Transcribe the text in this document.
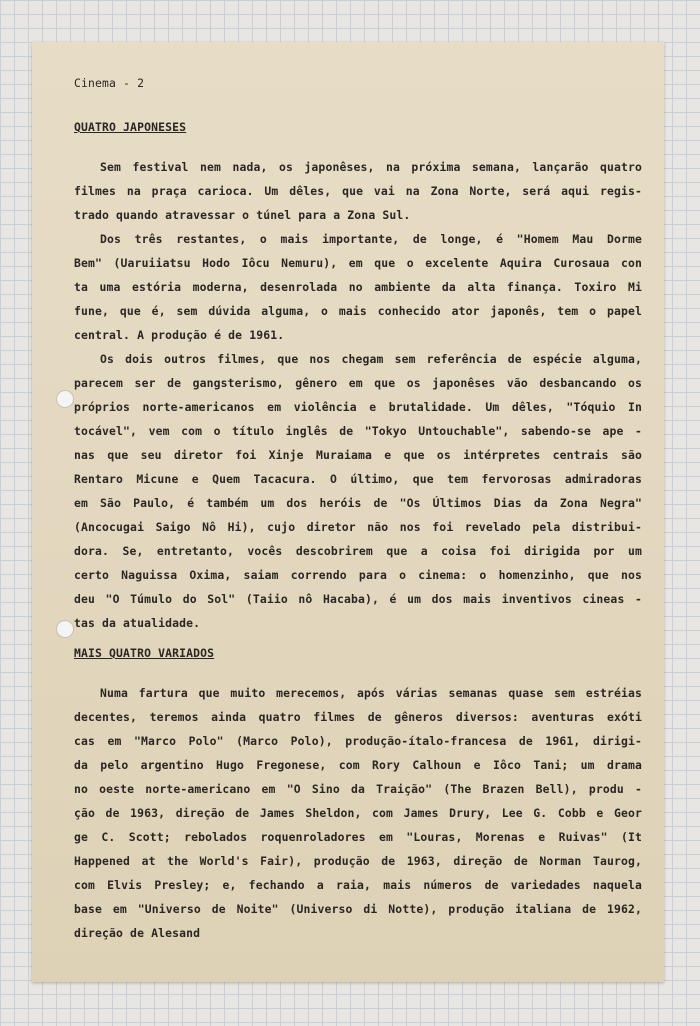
Cinema - 2

QUATRO JAPONESES

Sem festival nem nada, os japonêses, na próxima semana, lançarão quatro

filmes na praça carioca. Um dêles, que vai na Zona Norte, será aqui regis-

trado quando atravessar o túnel para a Zona Sul.

Dos três restantes, o mais importante, de longe, é "Homem Mau Dorme

Bem" (Uaruiiatsu Hodo Iôcu Nemuru), em que o excelente Aquira Curosaua con

ta uma estória moderna, desenrolada no ambiente da alta finança. Toxiro Mi

fune, que é, sem dúvida alguma, o mais conhecido ator japonês, tem o papel

central. A produção é de 1961.

Os dois outros filmes, que nos chegam sem referência de espécie alguma,

parecem ser de gangsterismo, gênero em que os japonêses vão desbancando os

próprios norte-americanos em violência e brutalidade. Um dêles, "Tóquio In

tocável", vem com o título inglês de "Tokyo Untouchable", sabendo-se ape -

nas que seu diretor foi Xinje Muraiama e que os intérpretes centrais são

Rentaro Micune e Quem Tacacura. O último, que tem fervorosas admiradoras

em São Paulo, é também um dos heróis de "Os Últimos Dias da Zona Negra"

(Ancocugai Saigo Nô Hi), cujo diretor não nos foi revelado pela distribui-

dora. Se, entretanto, vocês descobrirem que a coisa foi dirigida por um

certo Naguissa Oxima, saiam correndo para o cinema: o homenzinho, que nos

deu "O Túmulo do Sol" (Taiio nô Hacaba), é um dos mais inventivos cineas -

tas da atualidade.

MAIS QUATRO VARIADOS

Numa fartura que muito merecemos, após várias semanas quase sem estréias

decentes, teremos ainda quatro filmes de gêneros diversos: aventuras exóti

cas em "Marco Polo" (Marco Polo), produção-ítalo-francesa de 1961, dirigi-

da pelo argentino Hugo Fregonese, com Rory Calhoun e Iôco Tani; um drama

no oeste norte-americano em "O Sino da Traição" (The Brazen Bell), produ -

ção de 1963, direção de James Sheldon, com James Drury, Lee G. Cobb e Geor

ge C. Scott; rebolados roquenroladores em "Louras, Morenas e Ruivas" (It

Happened at the World's Fair), produção de 1963, direção de Norman Taurog,

com Elvis Presley; e, fechando a raia, mais números de variedades naquela

base em "Universo de Noite" (Universo di Notte), produção italiana de 1962,

direção de Alesand
